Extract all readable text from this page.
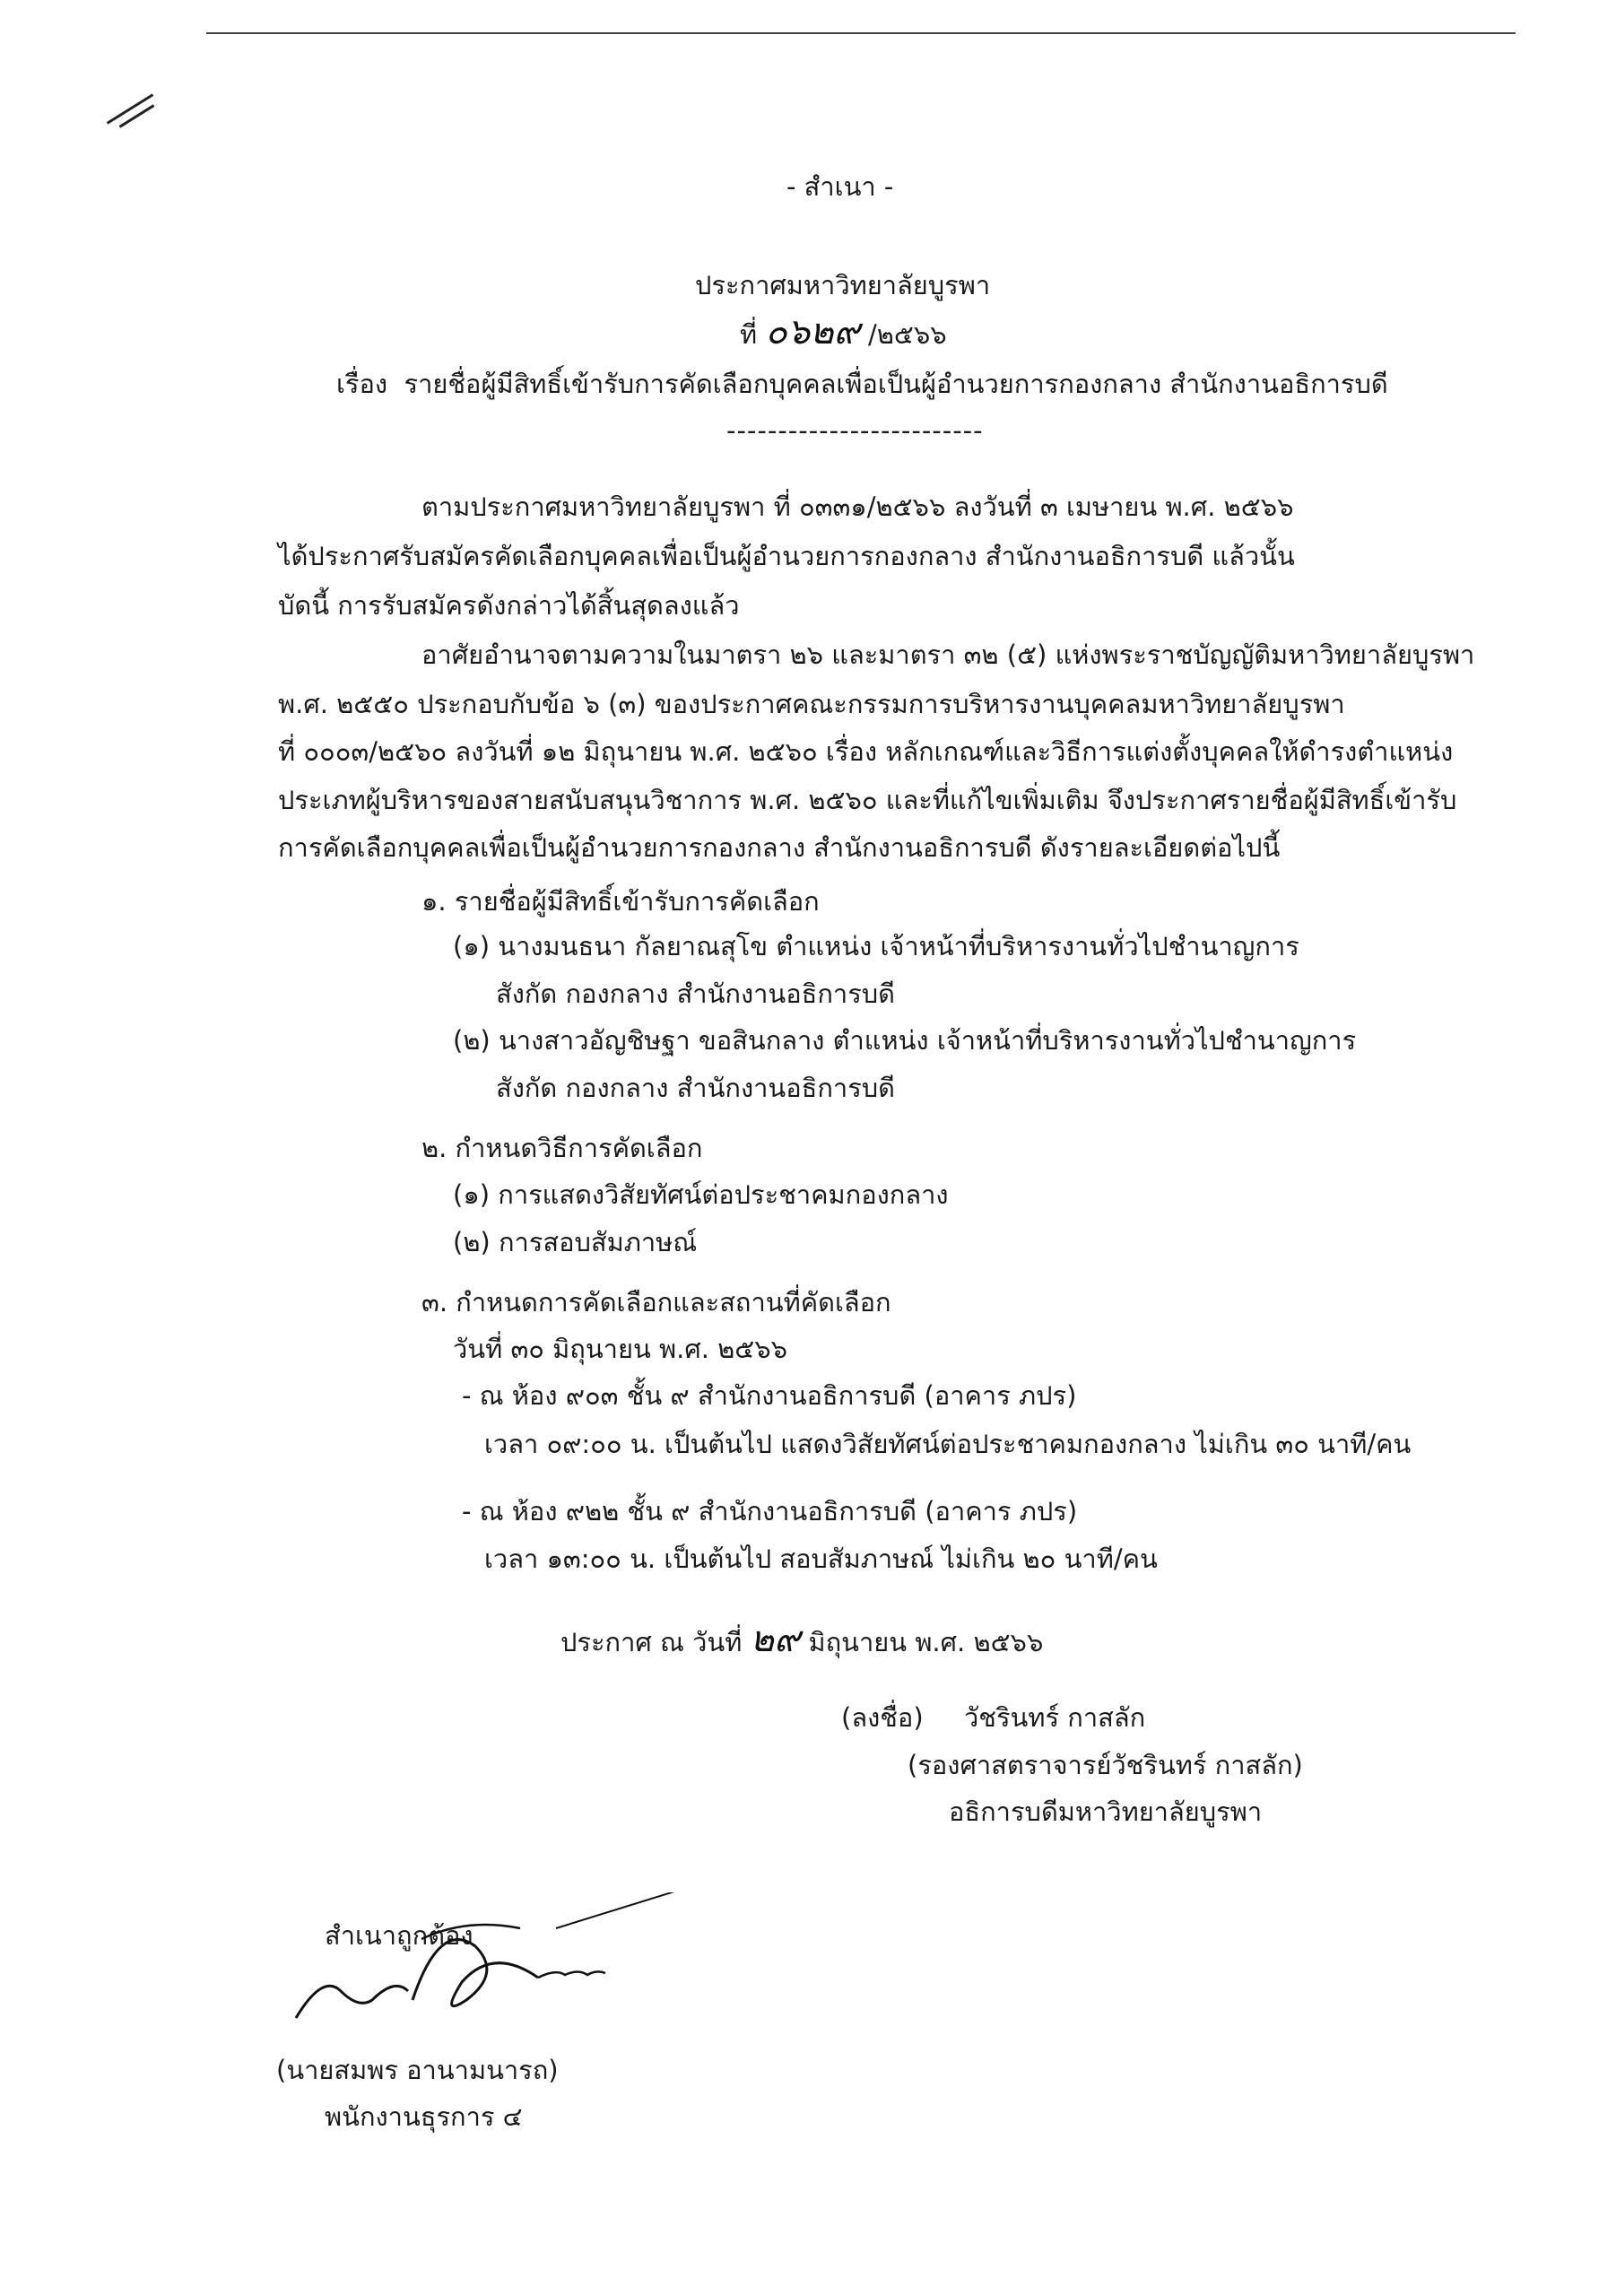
- สำเนา -
ประกาศมหาวิทยาลัยบูรพา
ที่ ๐๖๒๙ /๒๕๖๖
เรื่อง รายชื่อผู้มีสิทธิ์เข้ารับการคัดเลือกบุคคลเพื่อเป็นผู้อำนวยการกองกลาง สำนักงานอธิการบดี
-------------------------
ตามประกาศมหาวิทยาลัยบูรพา ที่ ๐๓๓๑/๒๕๖๖ ลงวันที่ ๓ เมษายน พ.ศ. ๒๕๖๖
ได้ประกาศรับสมัครคัดเลือกบุคคลเพื่อเป็นผู้อำนวยการกองกลาง สำนักงานอธิการบดี แล้วนั้น
บัดนี้ การรับสมัครดังกล่าวได้สิ้นสุดลงแล้ว
อาศัยอำนาจตามความในมาตรา ๒๖ และมาตรา ๓๒ (๕) แห่งพระราชบัญญัติมหาวิทยาลัยบูรพา
พ.ศ. ๒๕๕๐ ประกอบกับข้อ ๖ (๓) ของประกาศคณะกรรมการบริหารงานบุคคลมหาวิทยาลัยบูรพา
ที่ ๐๐๐๓/๒๕๖๐ ลงวันที่ ๑๒ มิถุนายน พ.ศ. ๒๕๖๐ เรื่อง หลักเกณฑ์และวิธีการแต่งตั้งบุคคลให้ดำรงตำแหน่ง
ประเภทผู้บริหารของสายสนับสนุนวิชาการ พ.ศ. ๒๕๖๐ และที่แก้ไขเพิ่มเติม จึงประกาศรายชื่อผู้มีสิทธิ์เข้ารับ
การคัดเลือกบุคคลเพื่อเป็นผู้อำนวยการกองกลาง สำนักงานอธิการบดี ดังรายละเอียดต่อไปนี้
๑. รายชื่อผู้มีสิทธิ์เข้ารับการคัดเลือก
(๑) นางมนธนา กัลยาณสุโข ตำแหน่ง เจ้าหน้าที่บริหารงานทั่วไปชำนาญการ
สังกัด กองกลาง สำนักงานอธิการบดี
(๒) นางสาวอัญชิษฐา ขอสินกลาง ตำแหน่ง เจ้าหน้าที่บริหารงานทั่วไปชำนาญการ
สังกัด กองกลาง สำนักงานอธิการบดี
๒. กำหนดวิธีการคัดเลือก
(๑) การแสดงวิสัยทัศน์ต่อประชาคมกองกลาง
(๒) การสอบสัมภาษณ์
๓. กำหนดการคัดเลือกและสถานที่คัดเลือก
วันที่ ๓๐ มิถุนายน พ.ศ. ๒๕๖๖
- ณ ห้อง ๙๐๓ ชั้น ๙ สำนักงานอธิการบดี (อาคาร ภปร)
เวลา ๐๙:๐๐ น. เป็นต้นไป แสดงวิสัยทัศน์ต่อประชาคมกองกลาง ไม่เกิน ๓๐ นาที/คน
- ณ ห้อง ๙๒๒ ชั้น ๙ สำนักงานอธิการบดี (อาคาร ภปร)
เวลา ๑๓:๐๐ น. เป็นต้นไป สอบสัมภาษณ์ ไม่เกิน ๒๐ นาที/คน
ประกาศ ณ วันที่ ๒๙ มิถุนายน พ.ศ. ๒๕๖๖
(ลงชื่อ) วัชรินทร์ กาสลัก
(รองศาสตราจารย์วัชรินทร์ กาสลัก)
อธิการบดีมหาวิทยาลัยบูรพา
สำเนาถูกต้อง
(นายสมพร อานามนารถ)
พนักงานธุรการ ๔
